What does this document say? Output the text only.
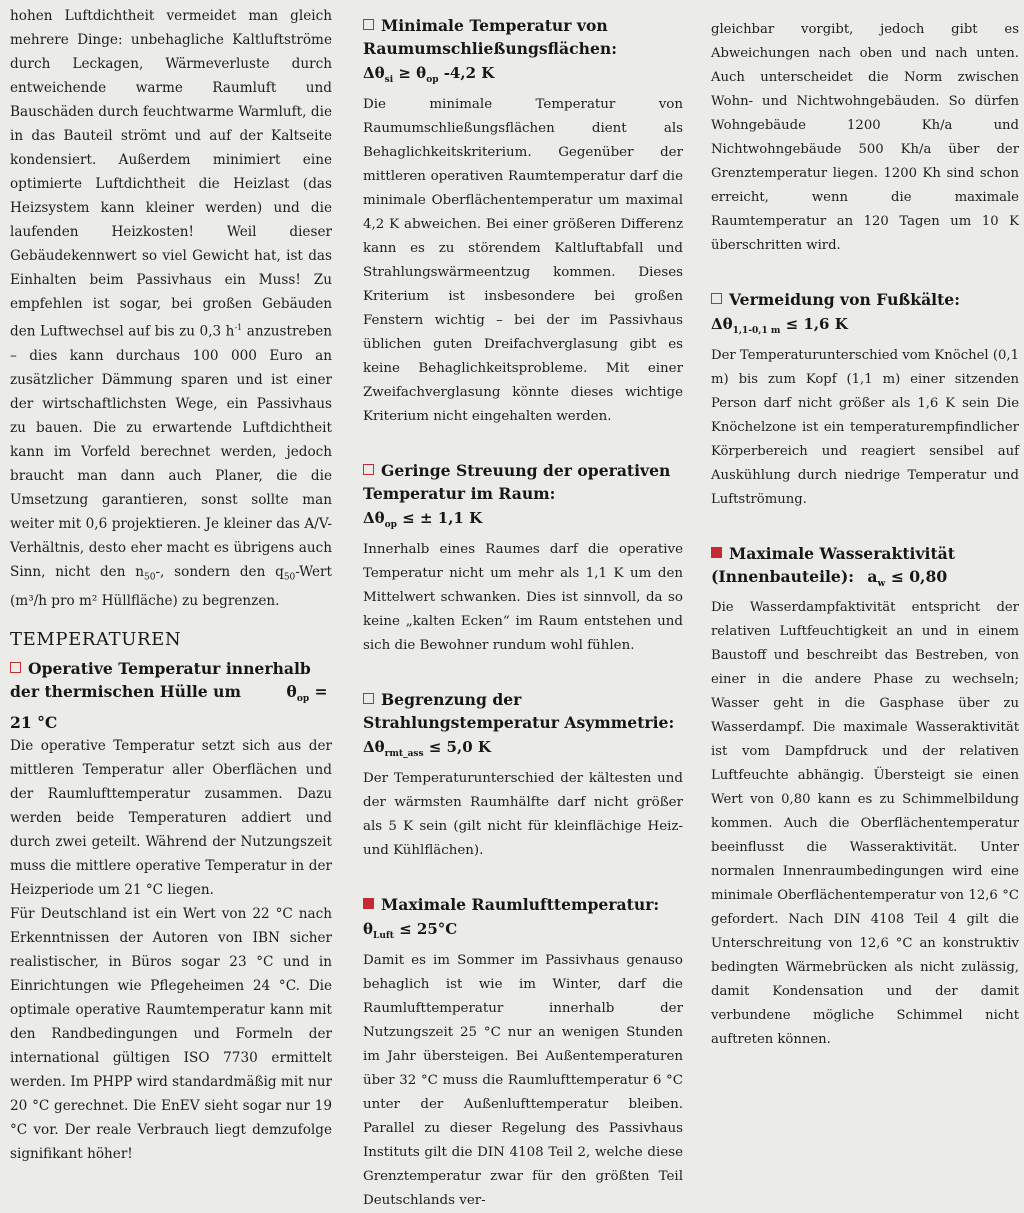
hohen Luftdichtheit vermeidet man gleich mehrere Dinge: unbehagliche Kaltluftströme durch Leckagen, Wärmeverluste durch entweichende warme Raumluft und Bauschäden durch feuchtwarme Warmluft, die in das Bauteil strömt und auf der Kaltseite kondensiert. Außerdem minimiert eine optimierte Luftdichtheit die Heizlast (das Heizsystem kann kleiner werden) und die laufenden Heizkosten! Weil dieser Gebäudekennwert so viel Gewicht hat, ist das Einhalten beim Passivhaus ein Muss! Zu empfehlen ist sogar, bei großen Gebäuden den Luftwechsel auf bis zu 0,3 $h^{-1}$ anzustreben – dies kann durchaus 100 000 Euro an zusätzlicher Dämmung sparen und ist einer der wirtschaftlichsten Wege, ein Passivhaus zu bauen. Die zu erwartende Luftdichtheit kann im Vorfeld berechnet werden, jedoch braucht man dann auch Planer, die die Umsetzung garantieren, sonst sollte man weiter mit 0,6 projektieren. Je kleiner das A/V-Verhältnis, desto eher macht es übrigens auch Sinn, nicht den $n_{50}-$, sondern den $q_{50}$-Wert (m³/h pro m² Hüllfläche) zu begrenzen.

TEMPERATUREN
Operative Temperatur innerhalb der thermischen Hülle um	$\theta_{op} = 21$ °C

Die operative Temperatur setzt sich aus der mittleren Temperatur aller Oberflächen und der Raumlufttemperatur zusammen. Dazu werden beide Temperaturen addiert und durch zwei geteilt. Während der Nutzungszeit muss die mittlere operative Temperatur in der Heizperiode um 21 °C liegen.

Für Deutschland ist ein Wert von 22 °C nach Erkenntnissen der Autoren von IBN sicher realistischer, in Büros sogar 23 °C und in Einrichtungen wie Pflegeheimen 24 °C. Die optimale operative Raumtemperatur kann mit den Randbedingungen und Formeln der international gültigen ISO 7730 ermittelt werden. Im PHPP wird standardmäßig mit nur 20 °C gerechnet. Die EnEV sieht sogar nur 19 °C vor. Der reale Verbrauch liegt demzufolge signifikant höher!

Minimale Temperatur von Raumumschließungsflächen:
$\Delta\theta_{si} \ge \theta_{op}$ -4,2 K

Die minimale Temperatur von Raumumschließungsflächen dient als Behaglichkeitskriterium. Gegenüber der mittleren operativen Raumtemperatur darf die minimale Oberflächentemperatur um maximal 4,2 K abweichen. Bei einer größeren Differenz kann es zu störendem Kaltluftabfall und Strahlungswärmeentzug kommen. Dieses Kriterium ist insbesondere bei großen Fenstern wichtig – bei der im Passivhaus üblichen guten Dreifachverglasung gibt es keine Behaglichkeitsprobleme. Mit einer Zweifachverglasung könnte dieses wichtige Kriterium nicht eingehalten werden.

Geringe Streuung der operativen Temperatur im Raum:
$\Delta\theta_{op}$ ≤ ± 1,1 K

Innerhalb eines Raumes darf die operative Temperatur nicht um mehr als 1,1 K um den Mittelwert schwanken. Dies ist sinnvoll, da so keine „kalten Ecken“ im Raum entstehen und sich die Bewohner rundum wohl fühlen.

Begrenzung der Strahlungstemperatur Asymmetrie:
$\Delta\theta_{rmt\_ass} \le 5,0$ K

Der Temperaturunterschied der kältesten und der wärmsten Raumhälfte darf nicht größer als 5 K sein (gilt nicht für kleinflächige Heiz- und Kühlflächen).

Maximale Raumlufttemperatur:
$\theta_{Luft} \le 25^\circ C$

Damit es im Sommer im Passivhaus genauso behaglich ist wie im Winter, darf die Raumlufttemperatur innerhalb der Nutzungszeit 25 °C nur an wenigen Stunden im Jahr übersteigen. Bei Außentemperaturen über 32 °C muss die Raumlufttemperatur 6 °C unter der Außenlufttemperatur bleiben. Parallel zu dieser Regelung des Passivhaus Instituts gilt die DIN 4108 Teil 2, welche diese Grenztemperatur zwar für den größten Teil Deutschlands ver-

gleichbar vorgibt, jedoch gibt es Abweichungen nach oben und nach unten. Auch unterscheidet die Norm zwischen Wohn- und Nichtwohngebäuden. So dürfen Wohngebäude 1200 Kh/a und Nichtwohngebäude 500 Kh/a über der Grenztemperatur liegen. 1200 Kh sind schon erreicht, wenn die maximale Raumtemperatur an 120 Tagen um 10 K überschritten wird.

Vermeidung von Fußkälte:
$\Delta\theta_{1,1-0,1 m} \le 1,6$ K

Der Temperaturunterschied vom Knöchel (0,1 m) bis zum Kopf (1,1 m) einer sitzenden Person darf nicht größer als 1,6 K sein Die Knöchelzone ist ein temperaturempfindlicher Körperbereich und reagiert sensibel auf Auskühlung durch niedrige Temperatur und Luftströmung.

Maximale Wasseraktivität (Innenbauteile): $a_w \le 0,80$

Die Wasserdampfaktivität entspricht der relativen Luftfeuchtigkeit an und in einem Baustoff und beschreibt das Bestreben, von einer in die andere Phase zu wechseln; Wasser geht in die Gasphase über zu Wasserdampf. Die maximale Wasseraktivität ist vom Dampfdruck und der relativen Luftfeuchte abhängig. Übersteigt sie einen Wert von 0,80 kann es zu Schimmelbildung kommen. Auch die Oberflächentemperatur beeinflusst die Wasseraktivität. Unter normalen Innenraumbedingungen wird eine minimale Oberflächentemperatur von 12,6 °C gefordert. Nach DIN 4108 Teil 4 gilt die Unterschreitung von 12,6 °C an konstruktiv bedingten Wärmebrücken als nicht zulässig, damit Kondensation und der damit verbundene mögliche Schimmel nicht auftreten können.
